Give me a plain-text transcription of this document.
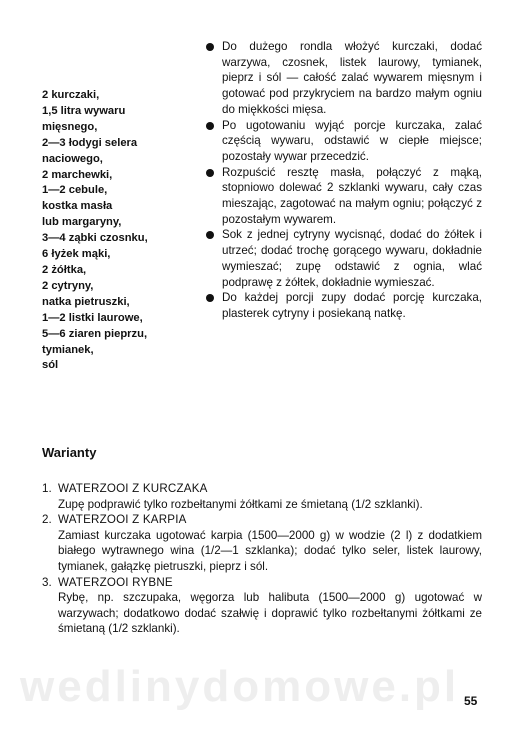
wedlinydomowe.pl
2 kurczaki,
1,5 litra wywaru
mięsnego,
2—3 łodygi selera
naciowego,
2 marchewki,
1—2 cebule,
kostka masła
lub margaryny,
3—4 ząbki czosnku,
6 łyżek mąki,
2 żółtka,
2 cytryny,
natka pietruszki,
1—2 listki laurowe,
5—6 ziaren pieprzu,
tymianek,
sól
Do dużego rondla włożyć kurczaki, dodać warzywa, czosnek, listek laurowy, tymianek, pieprz i sól — całość zalać wywarem mięsnym i gotować pod przykryciem na bardzo małym ogniu do miękkości mięsa.
Po ugotowaniu wyjąć porcje kurczaka, zalać częścią wywaru, odstawić w ciepłe miejsce; pozostały wywar przecedzić.
Rozpuścić resztę masła, połączyć z mąką, stopniowo dolewać 2 szklanki wywaru, cały czas mieszając, zagotować na małym ogniu; połączyć z pozostałym wywarem.
Sok z jednej cytryny wycisnąć, dodać do żółtek i utrzeć; dodać trochę gorącego wywaru, dokładnie wymieszać; zupę odstawić z ognia, wlać podprawę z żółtek, dokładnie wymieszać.
Do każdej porcji zupy dodać porcję kurczaka, plasterek cytryny i posiekaną natkę.
Warianty
1. WATERZOOI Z KURCZAKA
Zupę podprawić tylko rozbełtanymi żółtkami ze śmietaną (1/2 szklanki).
2. WATERZOOI Z KARPIA
Zamiast kurczaka ugotować karpia (1500—2000 g) w wodzie (2 l) z dodatkiem białego wytrawnego wina (1/2—1 szklanka); dodać tylko seler, listek laurowy, tymianek, gałązkę pietruszki, pieprz i sól.
3. WATERZOOI RYBNE
Rybę, np. szczupaka, węgorza lub halibuta (1500—2000 g) ugotować w warzywach; dodatkowo dodać szałwię i doprawić tylko rozbełtanymi żółtkami ze śmietaną (1/2 szklanki).
55
